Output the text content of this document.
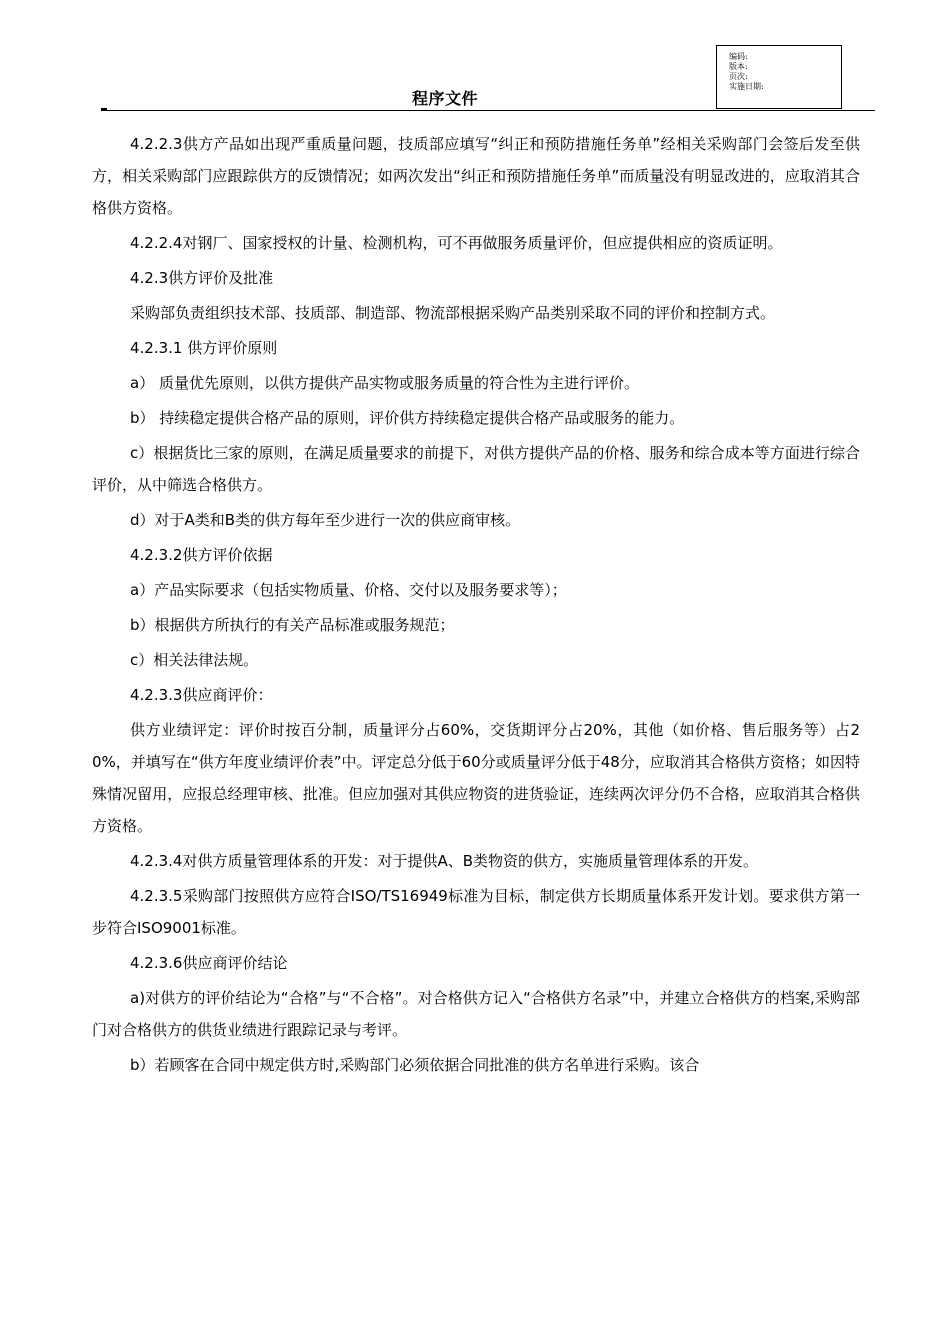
编码:
版本:
页次:
实施日期:
程序文件

4.2.2.3供方产品如出现严重质量问题，技质部应填写“纠正和预防措施任务单”经相关采购部门会签后发至供方，相关采购部门应跟踪供方的反馈情况；如两次发出“纠正和预防措施任务单”而质量没有明显改进的，应取消其合格供方资格。

4.2.2.4对钢厂、国家授权的计量、检测机构，可不再做服务质量评价，但应提供相应的资质证明。

4.2.3供方评价及批准

采购部负责组织技术部、技质部、制造部、物流部根据采购产品类别采取不同的评价和控制方式。

4.2.3.1 供方评价原则

a） 质量优先原则，以供方提供产品实物或服务质量的符合性为主进行评价。

b） 持续稳定提供合格产品的原则，评价供方持续稳定提供合格产品或服务的能力。

c）根据货比三家的原则，在满足质量要求的前提下，对供方提供产品的价格、服务和综合成本等方面进行综合评价，从中筛选合格供方。

d）对于A类和B类的供方每年至少进行一次的供应商审核。

4.2.3.2供方评价依据

a）产品实际要求（包括实物质量、价格、交付以及服务要求等）；

b）根据供方所执行的有关产品标准或服务规范；

c）相关法律法规。

4.2.3.3供应商评价：

供方业绩评定：评价时按百分制，质量评分占60%，交货期评分占20%，其他（如价格、售后服务等）占20%，并填写在“供方年度业绩评价表”中。评定总分低于60分或质量评分低于48分，应取消其合格供方资格；如因特殊情况留用，应报总经理审核、批准。但应加强对其供应物资的进货验证，连续两次评分仍不合格，应取消其合格供方资格。

4.2.3.4对供方质量管理体系的开发：对于提供A、B类物资的供方，实施质量管理体系的开发。

4.2.3.5采购部门按照供方应符合ISO/TS16949标准为目标，制定供方长期质量体系开发计划。要求供方第一步符合ISO9001标准。

4.2.3.6供应商评价结论

a)对供方的评价结论为“合格”与“不合格”。对合格供方记入“合格供方名录”中，并建立合格供方的档案,采购部门对合格供方的供货业绩进行跟踪记录与考评。

b）若顾客在合同中规定供方时,采购部门必须依据合同批准的供方名单进行采购。该合
